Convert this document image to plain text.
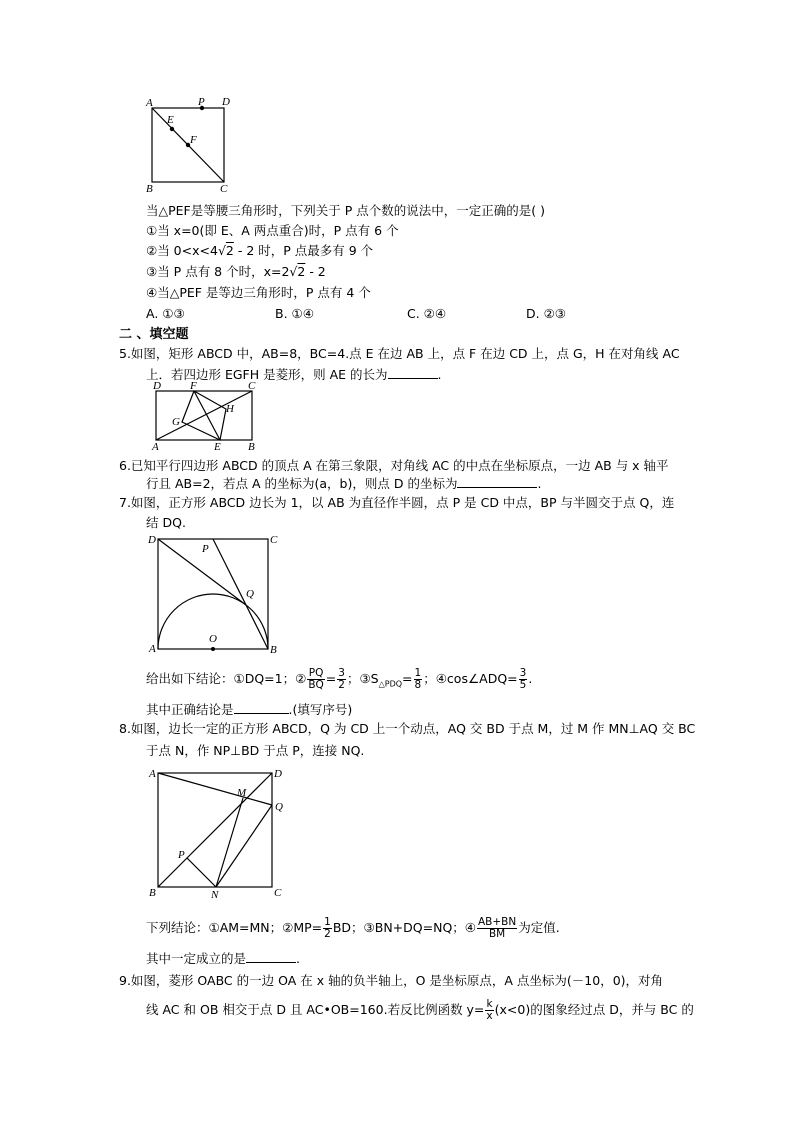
A	P D
E
F
B	C
当△PEF是等腰三角形时，下列关于 P 点个数的说法中，一定正确的是( )
①当 x=0(即 E、A 两点重合)时，P 点有 6 个
②当 0<x<4√2 - 2 时，P 点最多有 9 个
③当 P 点有 8 个时，x=2√2 - 2
④当△PEF 是等边三角形时，P 点有 4 个
A. ①③	B. ①④	C. ②④	D. ②③
二 、填空题
5.如图，矩形 ABCD 中，AB=8，BC=4.点 E 在边 AB 上，点 F 在边 CD 上，点 G，H 在对角线 AC
上．若四边形 EGFH 是菱形，则 AE 的长为	.
D	F	C
G
H
A	E B
6.已知平行四边形 ABCD 的顶点 A 在第三象限，对角线 AC 的中点在坐标原点，一边 AB 与 x 轴平
行且 AB=2，若点 A 的坐标为(a，b)，则点 D 的坐标为	.
7.如图，正方形 ABCD 边长为 1，以 AB 为直径作半圆，点 P 是 CD 中点，BP 与半圆交于点 Q，连
结 DQ.
D
P
C
Q
O
A	B
给出如下结论：①DQ=1；② $\frac{PQ}{BQ} = \frac{3}{2}$ ；$③S_{\triangle PDQ}= \frac{1}{8}$ ；④cos∠ADQ= $\frac{3}{5}$ .
其中正确结论是	.(填写序号)
8.如图，边长一定的正方形 ABCD，Q 为 CD 上一个动点，AQ 交 BD 于点 M，过 M 作 MN⊥AQ 交 BC
于点 N，作 NP⊥BD 于点 P，连接 NQ.
A	D
M
Q
P
B	N	C
下列结论：①AM=MN；②MP= $\frac{1}{2}$ BD；③BN+DQ=NQ；④ $\frac{AB+BN}{BM}$ 为定值.
其中一定成立的是	.
9.如图，菱形 OABC 的一边 OA 在 x 轴的负半轴上，O 是坐标原点，A 点坐标为(－10，0)，对角
线 AC 和 OB 相交于点 D 且 AC•OB=160.若反比例函数 $y= \frac{k}{x} (x<0)$的图象经过点 D，并与 BC 的
